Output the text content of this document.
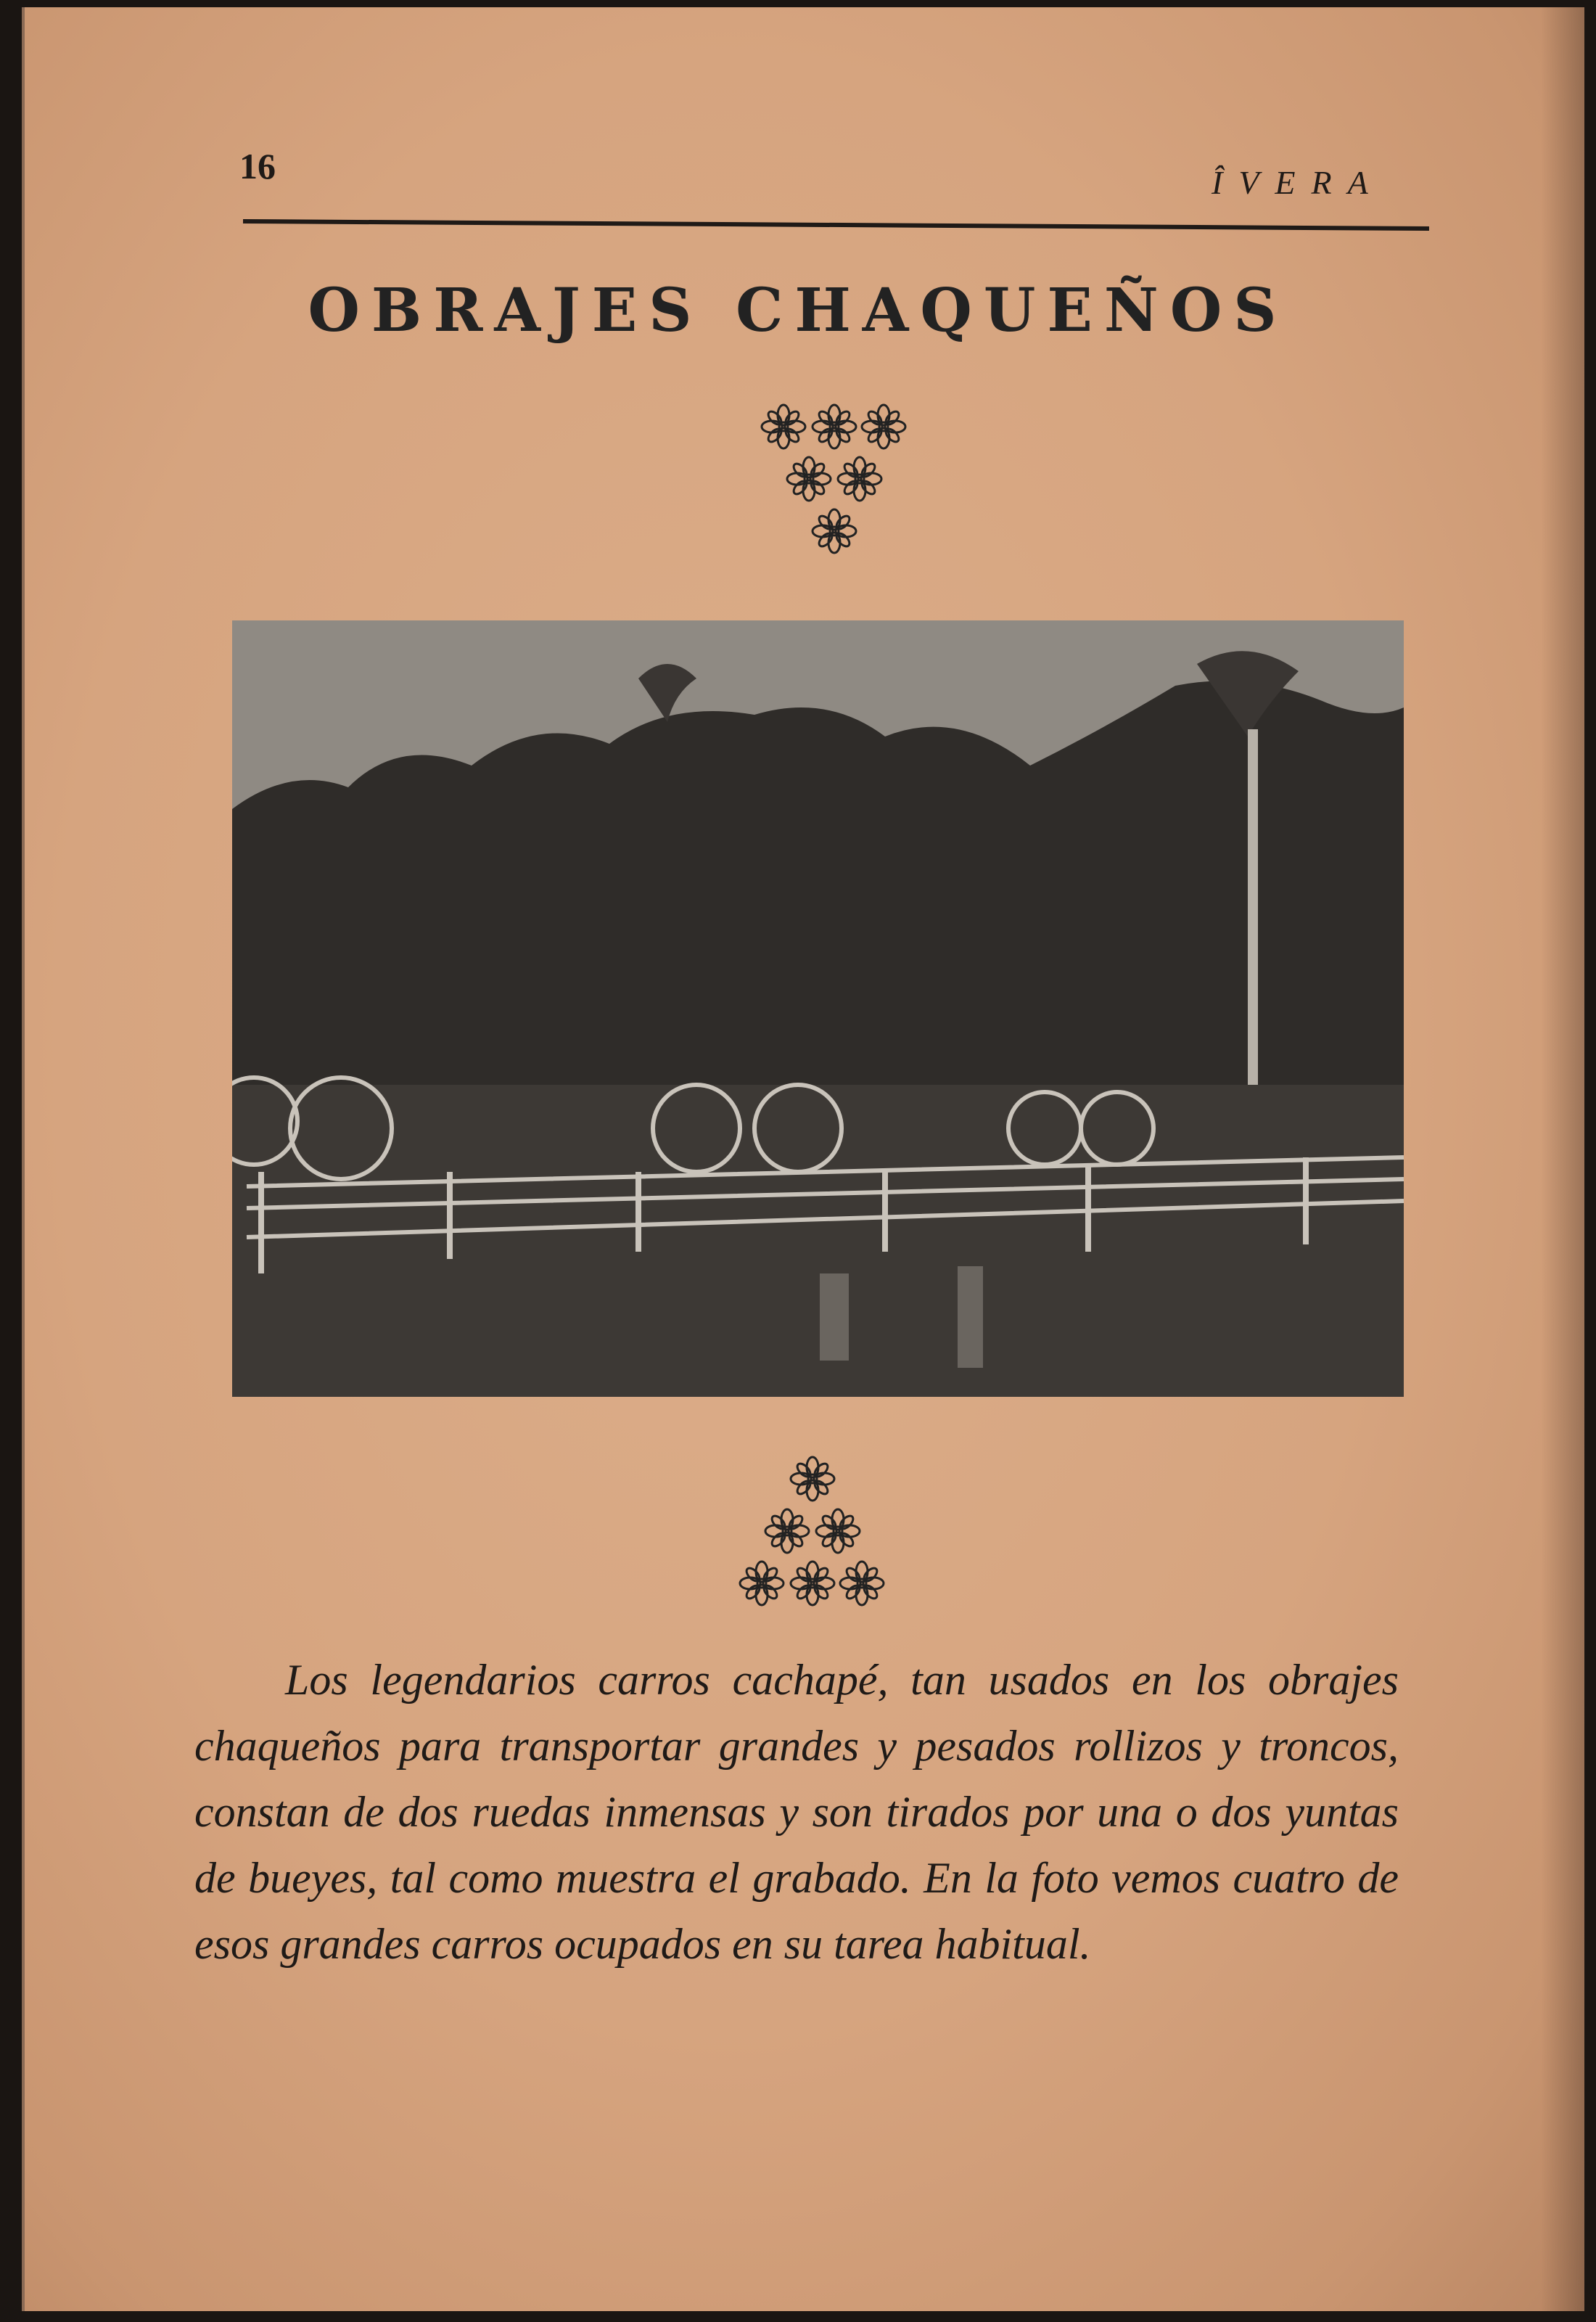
16	ÎVERA
OBRAJES CHAQUEÑOS
Los legendarios carros cachapé, tan usados en los obrajes chaqueños para transportar grandes y pesados rollizos y troncos, constan de dos ruedas inmensas y son tirados por una o dos yuntas de bueyes, tal como muestra el grabado. En la foto vemos cuatro de esos grandes carros ocupados en su tarea habitual.
